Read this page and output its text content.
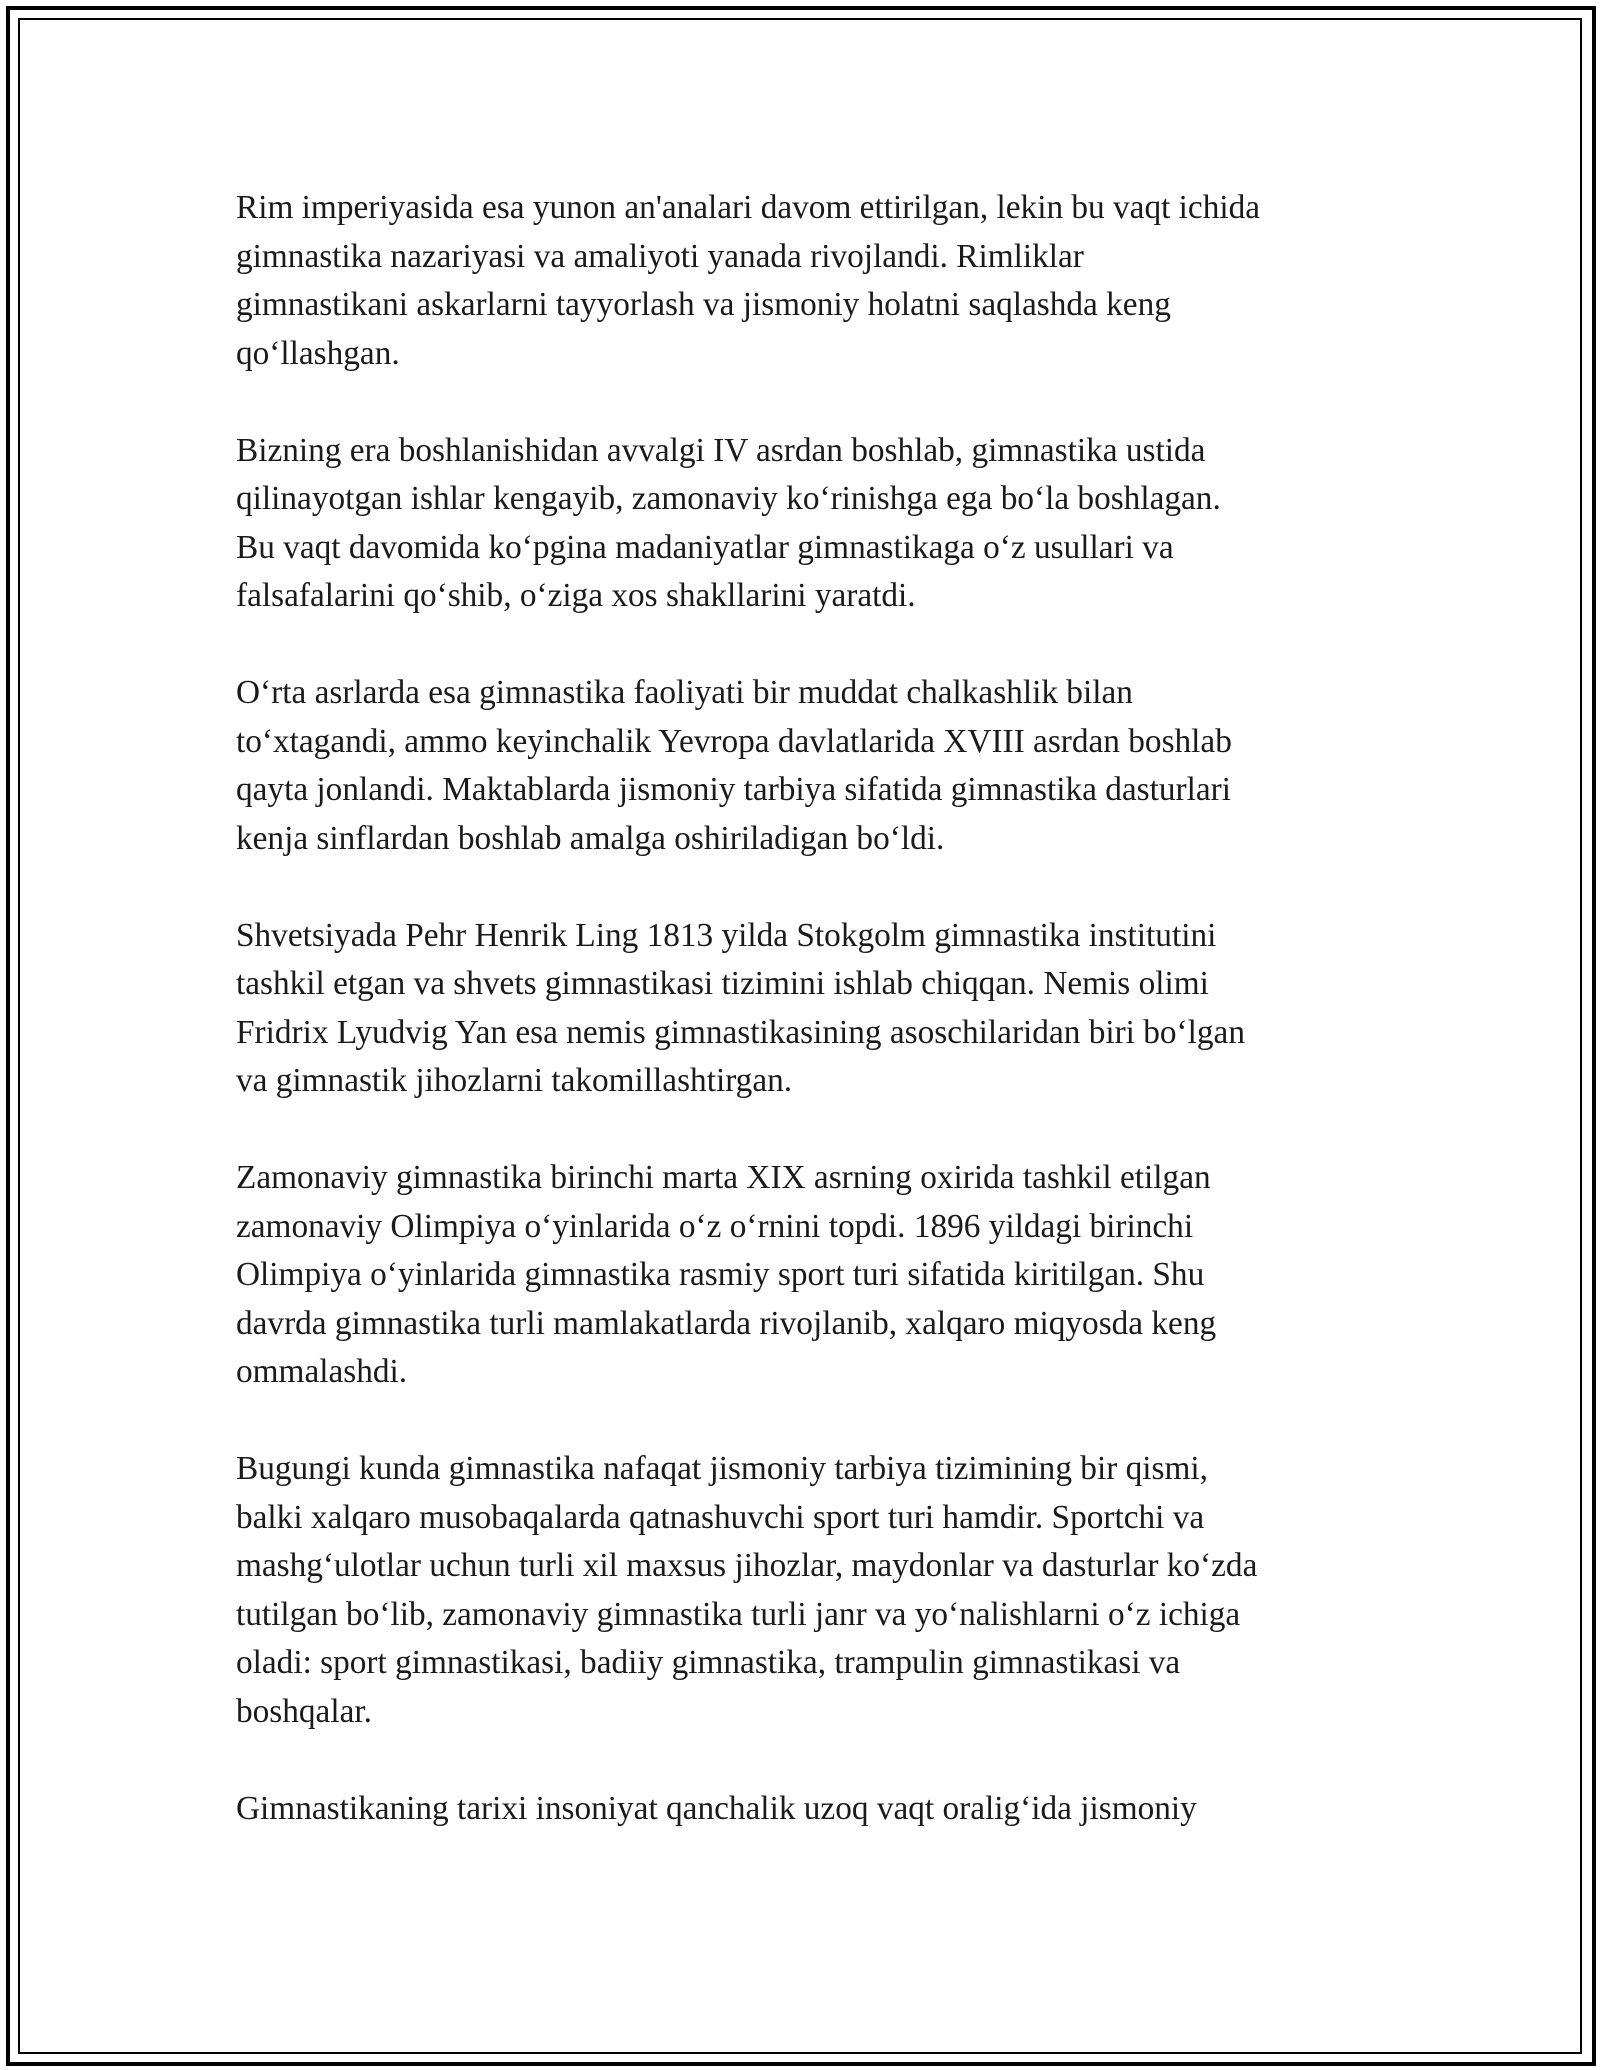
Rim imperiyasida esa yunon an'analari davom ettirilgan, lekin bu vaqt ichida
gimnastika nazariyasi va amaliyoti yanada rivojlandi. Rimliklar
gimnastikani askarlarni tayyorlash va jismoniy holatni saqlashda keng
qo‘llashgan.

Bizning era boshlanishidan avvalgi IV asrdan boshlab, gimnastika ustida
qilinayotgan ishlar kengayib, zamonaviy ko‘rinishga ega bo‘la boshlagan.
Bu vaqt davomida ko‘pgina madaniyatlar gimnastikaga o‘z usullari va
falsafalarini qo‘shib, o‘ziga xos shakllarini yaratdi.

O‘rta asrlarda esa gimnastika faoliyati bir muddat chalkashlik bilan
to‘xtagandi, ammo keyinchalik Yevropa davlatlarida XVIII asrdan boshlab
qayta jonlandi. Maktablarda jismoniy tarbiya sifatida gimnastika dasturlari
kenja sinflardan boshlab amalga oshiriladigan bo‘ldi.

Shvetsiyada Pehr Henrik Ling 1813 yilda Stokgolm gimnastika institutini
tashkil etgan va shvets gimnastikasi tizimini ishlab chiqqan. Nemis olimi
Fridrix Lyudvig Yan esa nemis gimnastikasining asoschilaridan biri bo‘lgan
va gimnastik jihozlarni takomillashtirgan.

Zamonaviy gimnastika birinchi marta XIX asrning oxirida tashkil etilgan
zamonaviy Olimpiya o‘yinlarida o‘z o‘rnini topdi. 1896 yildagi birinchi
Olimpiya o‘yinlarida gimnastika rasmiy sport turi sifatida kiritilgan. Shu
davrda gimnastika turli mamlakatlarda rivojlanib, xalqaro miqyosda keng
ommalashdi.

Bugungi kunda gimnastika nafaqat jismoniy tarbiya tizimining bir qismi,
balki xalqaro musobaqalarda qatnashuvchi sport turi hamdir. Sportchi va
mashg‘ulotlar uchun turli xil maxsus jihozlar, maydonlar va dasturlar ko‘zda
tutilgan bo‘lib, zamonaviy gimnastika turli janr va yo‘nalishlarni o‘z ichiga
oladi: sport gimnastikasi, badiiy gimnastika, trampulin gimnastikasi va
boshqalar.

Gimnastikaning tarixi insoniyat qanchalik uzoq vaqt oralig‘ida jismoniy
